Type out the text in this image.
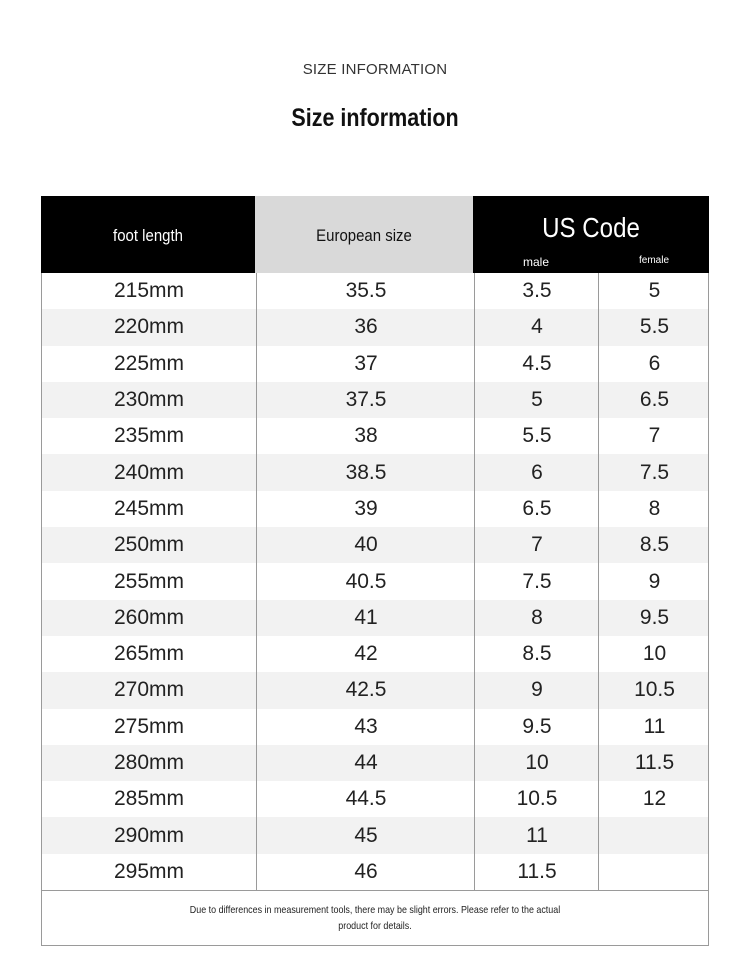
SIZE INFORMATION
Size information
foot length	European size	US Code
male	female
215mm	35.5	3.5	5
220mm	36	4	5.5
225mm	37	4.5	6
230mm	37.5	5	6.5
235mm	38	5.5	7
240mm	38.5	6	7.5
245mm	39	6.5	8
250mm	40	7	8.5
255mm	40.5	7.5	9
260mm	41	8	9.5
265mm	42	8.5	10
270mm	42.5	9	10.5
275mm	43	9.5	11
280mm	44	10	11.5
285mm	44.5	10.5	12
290mm	45	11
295mm	46	11.5
Due to differences in measurement tools, there may be slight errors. Please refer to the actual product for details.
